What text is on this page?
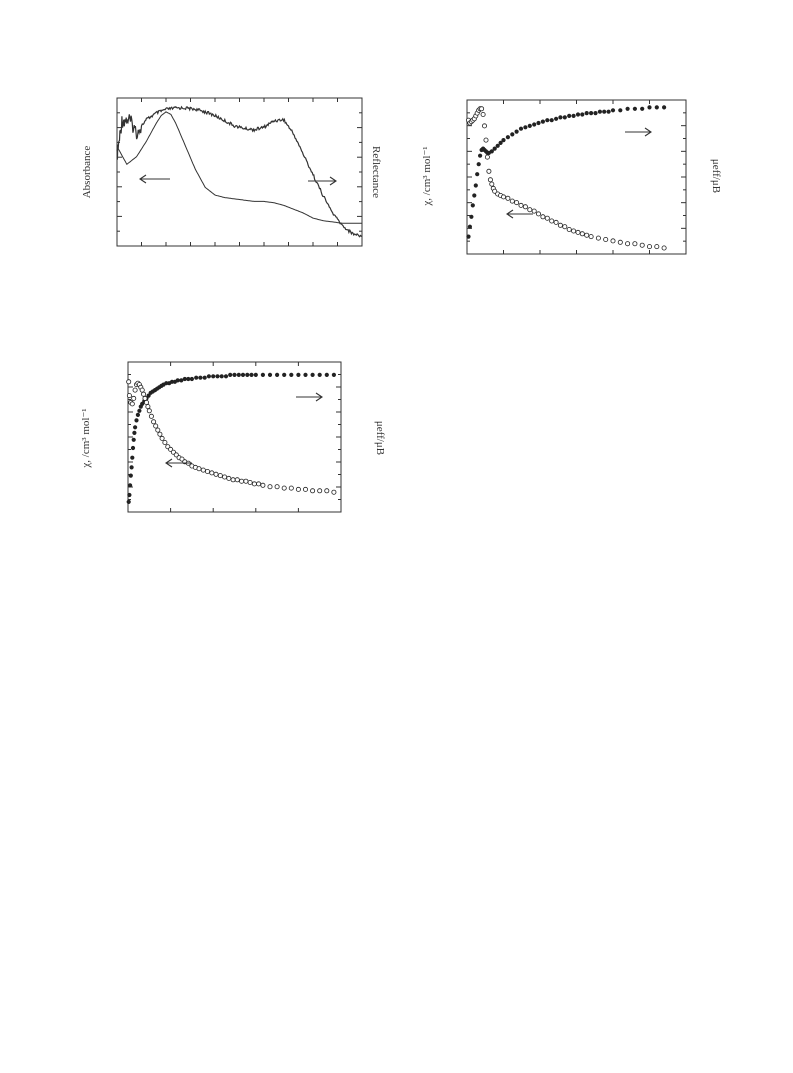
Absorbance	Reflectance	χ, /cm³ mol⁻¹	μeff/μB
χ, /cm³ mol⁻¹	μeff/μB
